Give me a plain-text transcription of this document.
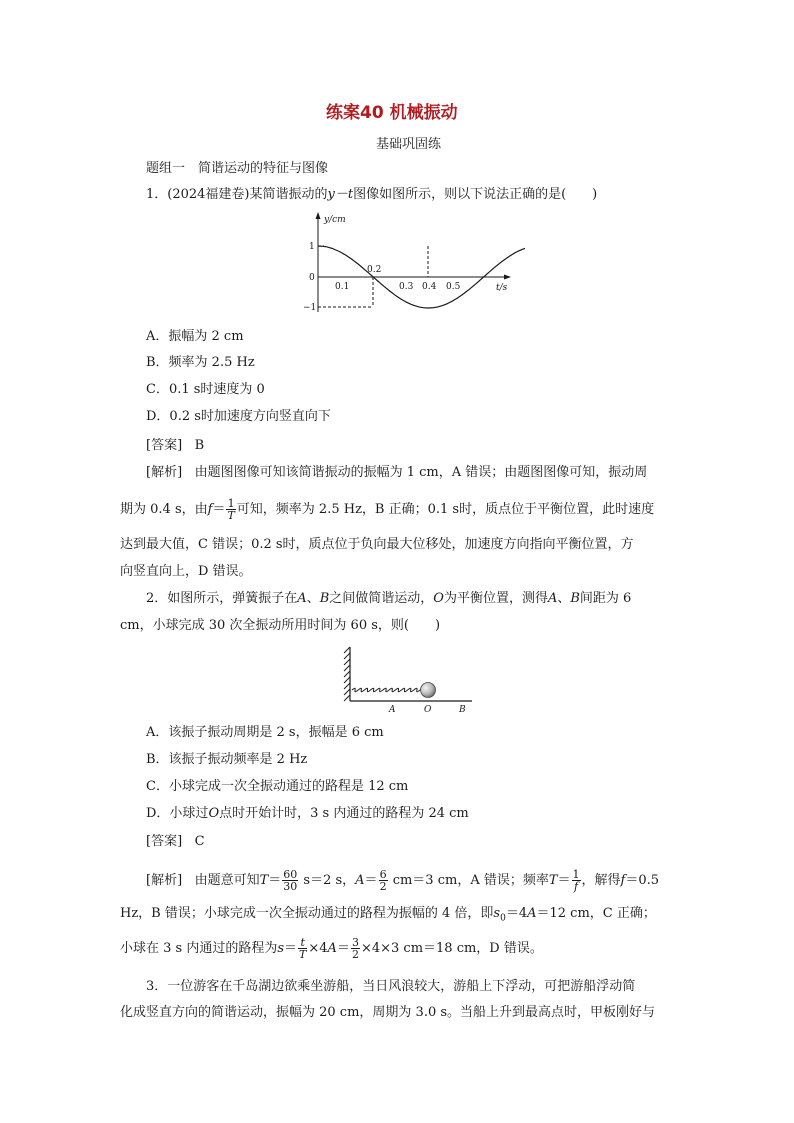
练案40 机械振动
基础巩固练
题组一　简谐运动的特征与图像
1．(2024福建卷)某简谐振动的y－t图像如图所示，则以下说法正确的是(　　)
y/cm
t/s
1
0
−1
0.1	0.3 0.4 0.5
0.2
A．振幅为 2 cm
B．频率为 2.5 Hz
C．0.1 s时速度为 0
D．0.2 s时加速度方向竖直向下
[答案] B
[解析] 由题图图像可知该简谐振动的振幅为 1 cm，A 错误；由题图图像可知，振动周
期为 0.4 s，由$f= \frac{1}{T}$ 可知，频率为 2.5 Hz，B 正确；0.1 s时，质点位于平衡位置，此时速度
达到最大值，C 错误；0.2 s时，质点位于负向最大位移处，加速度方向指向平衡位置，方
向竖直向上，D 错误。
2．如图所示，弹簧振子在A、B之间做简谐运动，O为平衡位置，测得A、B间距为 6
cm，小球完成 30 次全振动所用时间为 60 s，则(　　)
A	O	B
A．该振子振动周期是 2 s，振幅是 6 cm
B．该振子振动频率是 2 Hz
C．小球完成一次全振动通过的路程是 12 cm
D．小球过O点时开始计时，3 s 内通过的路程为 24 cm
[答案] C
[解析] 由题意可知$T= \frac{60}{30} s=2$ s，$A= \frac{6}{2} cm=3$ cm，A 错误；频率$T= \frac{1}{f}$ ，解得f＝0.5
Hz，B 错误；小球完成一次全振动通过的路程为振幅的 4 倍，即$s_0=4A=12$ cm，C 正确；
小球在 3 s 内通过的路程为$s= \frac{t}{T} \times 4A= \frac{3}{2} \times 4\times 3$ cm＝18 cm，D 错误。
3．一位游客在千岛湖边欲乘坐游船，当日风浪较大，游船上下浮动，可把游船浮动简
化成竖直方向的简谐运动，振幅为 20 cm，周期为 3.0 s。当船上升到最高点时，甲板刚好与
